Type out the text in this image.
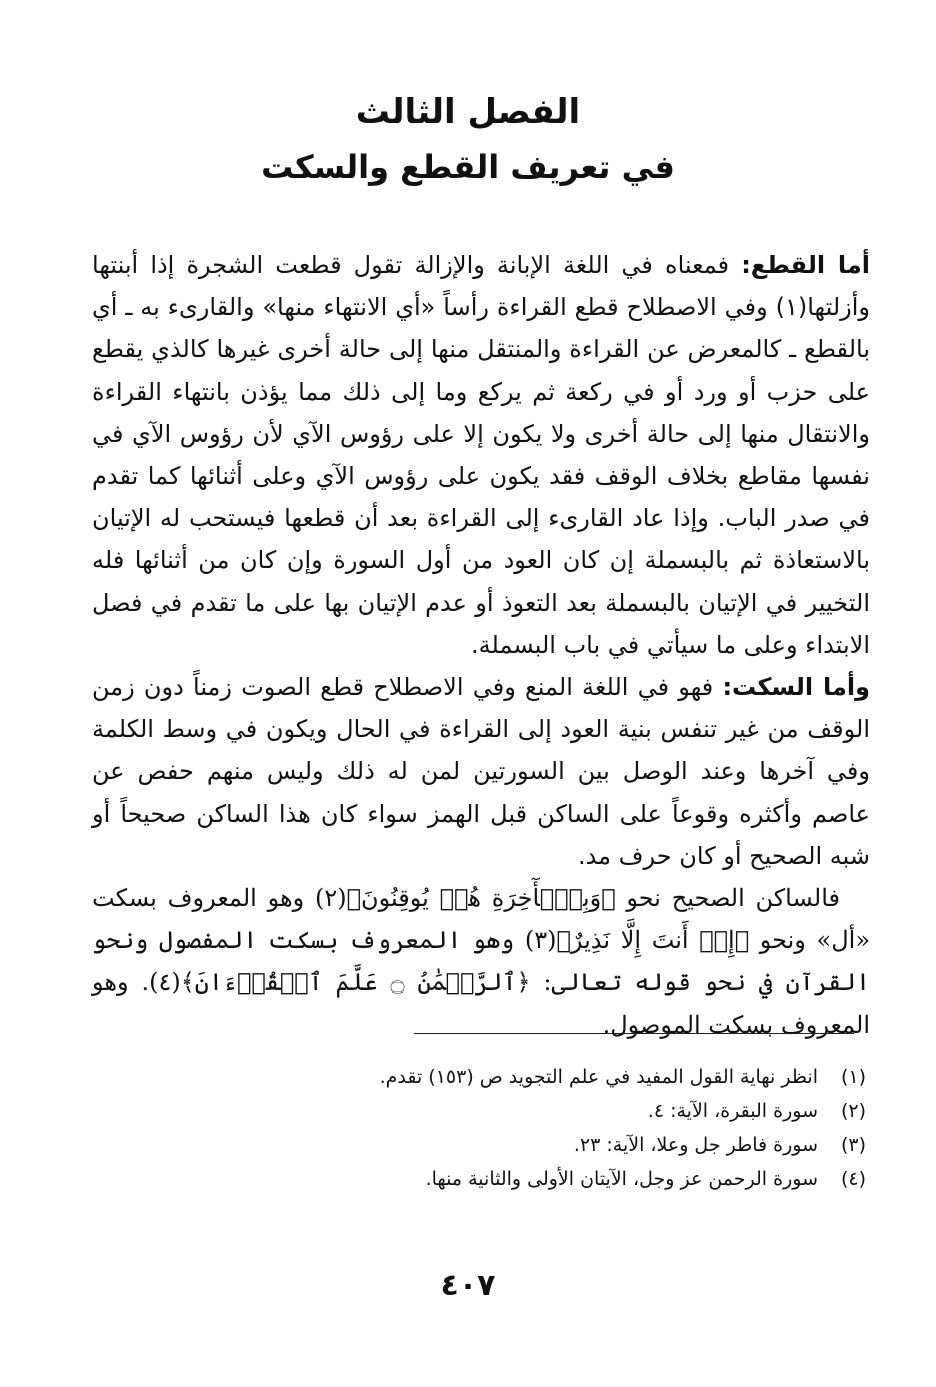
الفصل الثالث
في تعريف القطع والسكت

أما القطع: فمعناه في اللغة الإبانة والإزالة تقول قطعت الشجرة إذا أبنتها وأزلتها(١) وفي الاصطلاح قطع القراءة رأساً «أي الانتهاء منها» والقارىء به ـ أي بالقطع ـ كالمعرض عن القراءة والمنتقل منها إلى حالة أخرى غيرها كالذي يقطع على حزب أو ورد أو في ركعة ثم يركع وما إلى ذلك مما يؤذن بانتهاء القراءة والانتقال منها إلى حالة أخرى ولا يكون إلا على رؤوس الآي لأن رؤوس الآي في نفسها مقاطع بخلاف الوقف فقد يكون على رؤوس الآي وعلى أثنائها كما تقدم في صدر الباب. وإذا عاد القارىء إلى القراءة بعد أن قطعها فيستحب له الإتيان بالاستعاذة ثم بالبسملة إن كان العود من أول السورة وإن كان من أثنائها فله التخيير في الإتيان بالبسملة بعد التعوذ أو عدم الإتيان بها على ما تقدم في فصل الابتداء وعلى ما سيأتي في باب البسملة.

وأما السكت: فهو في اللغة المنع وفي الاصطلاح قطع الصوت زمناً دون زمن الوقف من غير تنفس بنية العود إلى القراءة في الحال ويكون في وسط الكلمة وفي آخرها وعند الوصل بين السورتين لمن له ذلك وليس منهم حفص عن عاصم وأكثره وقوعاً على الساكن قبل الهمز سواء كان هذا الساكن صحيحاً أو شبه الصحيح أو كان حرف مد.

فالساكن الصحيح نحو ﴿وَبِٱلۡأٓخِرَةِ هُمۡ يُوقِنُونَ﴾(٢) وهو المعروف بسكت «أل» ونحو ﴿إِنۡ أَنتَ إِلَّا نَذِيرٌ﴾(٣) وهو المعروف بسكت المفصول ونحو القرآن في نحو قوله تعالى: ﴿ٱلرَّحۡمَٰنُ ۝ عَلَّمَ ٱلۡقُرۡءَانَ﴾(٤). وهو المعروف بسكت الموصول.

(١)
انظر نهاية القول المفيد في علم التجويد ص (١٥٣) تقدم.
(٢)
سورة البقرة، الآية: ٤.
(٣)
سورة فاطر جل وعلا، الآية: ٢٣.
(٤)
سورة الرحمن عز وجل، الآيتان الأولى والثانية منها.
٤٠٧
